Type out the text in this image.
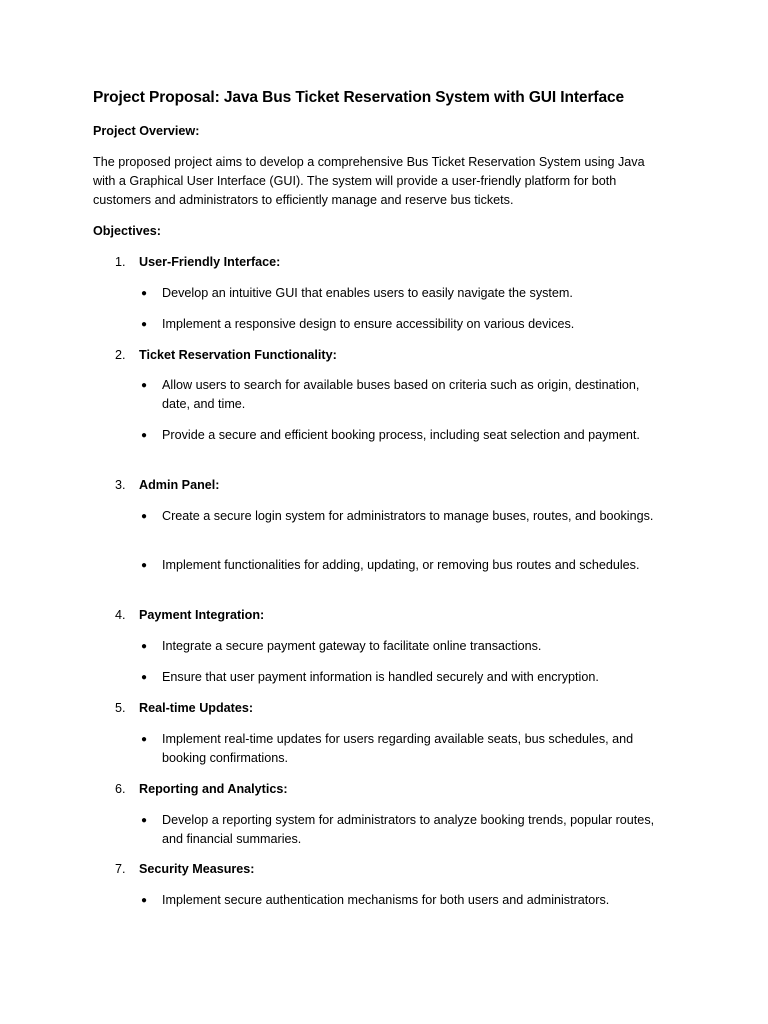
Project Proposal: Java Bus Ticket Reservation System with GUI Interface
Project Overview:
The proposed project aims to develop a comprehensive Bus Ticket Reservation System using Java with a Graphical User Interface (GUI). The system will provide a user-friendly platform for both customers and administrators to efficiently manage and reserve bus tickets.
Objectives:
1. User-Friendly Interface:
● Develop an intuitive GUI that enables users to easily navigate the system.
● Implement a responsive design to ensure accessibility on various devices.
2. Ticket Reservation Functionality:
● Allow users to search for available buses based on criteria such as origin, destination, date, and time.
● Provide a secure and efficient booking process, including seat selection and payment.
3. Admin Panel:
● Create a secure login system for administrators to manage buses, routes, and bookings.
● Implement functionalities for adding, updating, or removing bus routes and schedules.
4. Payment Integration:
● Integrate a secure payment gateway to facilitate online transactions.
● Ensure that user payment information is handled securely and with encryption.
5. Real-time Updates:
● Implement real-time updates for users regarding available seats, bus schedules, and booking confirmations.
6. Reporting and Analytics:
● Develop a reporting system for administrators to analyze booking trends, popular routes, and financial summaries.
7. Security Measures:
● Implement secure authentication mechanisms for both users and administrators.
